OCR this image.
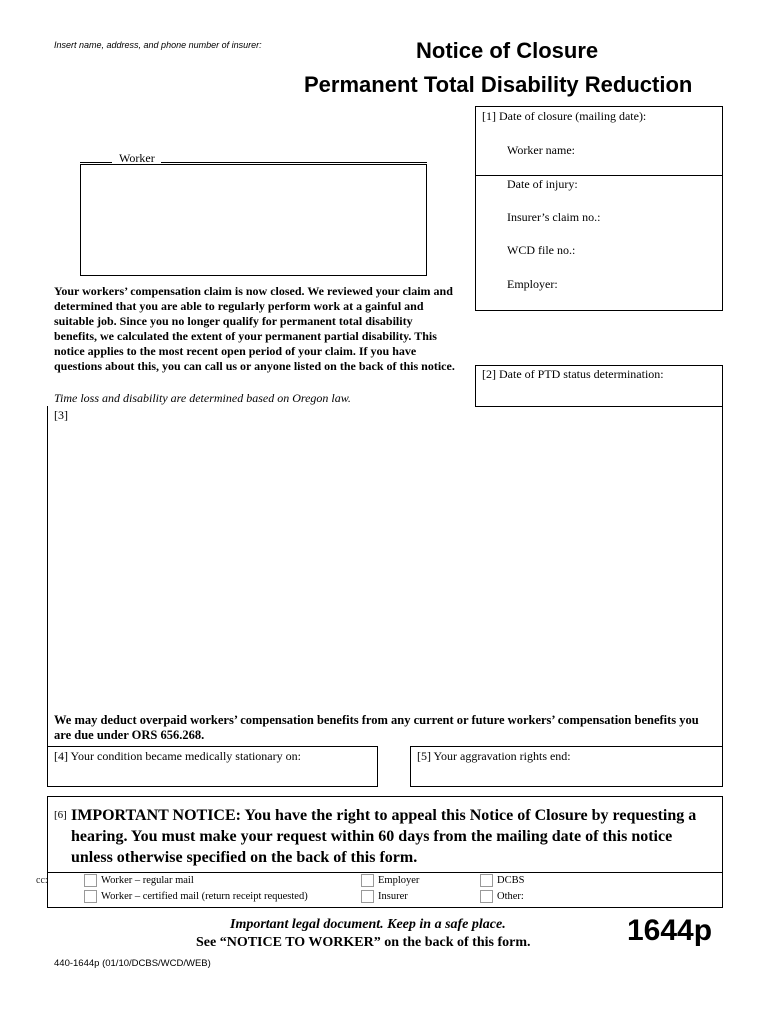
Insert name, address, and phone number of insurer:	Notice of Closure
Permanent Total Disability Reduction
Worker
[1] Date of closure (mailing date):
Worker name:
Date of injury:
Insurer’s claim no.:
WCD file no.:
Employer:
Your workers’ compensation claim is now closed. We reviewed your claim and determined that you are able to regularly perform work at a gainful and suitable job. Since you no longer qualify for permanent total disability benefits, we calculated the extent of your permanent partial disability. This notice applies to the most recent open period of your claim. If you have questions about this, you can call us or anyone listed on the back of this notice.
Time loss and disability are determined based on Oregon law.
[2] Date of PTD status determination:
[3]
We may deduct overpaid workers’ compensation benefits from any current or future workers’ compensation benefits you are due under ORS 656.268.
[4] Your condition became medically stationary on:	[5] Your aggravation rights end:
[6] IMPORTANT NOTICE: You have the right to appeal this Notice of Closure by requesting a hearing. You must make your request within 60 days from the mailing date of this notice unless otherwise specified on the back of this form.
cc:	Worker – regular mail
Worker – certified mail (return receipt requested)
Employer
Insurer
DCBS
Other:
Important legal document. Keep in a safe place.
See “NOTICE TO WORKER” on the back of this form.	1644p
440-1644p (01/10/DCBS/WCD/WEB)
